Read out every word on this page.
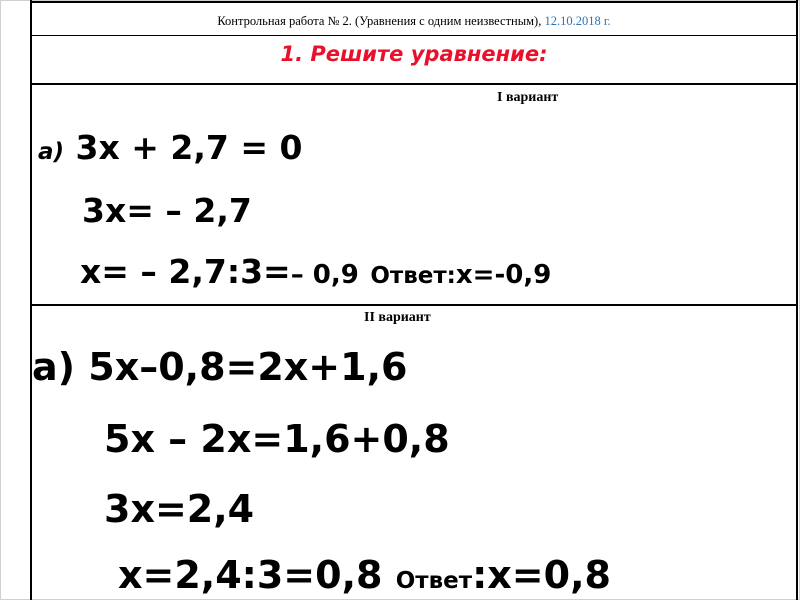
Контрольная работа № 2. (Уравнения с одним неизвестным), 12.10.2018 г.
1. Решите уравнение:
I вариант
а) 3х + 2,7 = 0
3х= – 2,7
х= – 2,7:3=– 0,9 Ответ:х=-0,9
II вариант
а) 5х–0,8=2х+1,6
5х – 2х=1,6+0,8
3х=2,4
х=2,4:3=0,8 Ответ:х=0,8
